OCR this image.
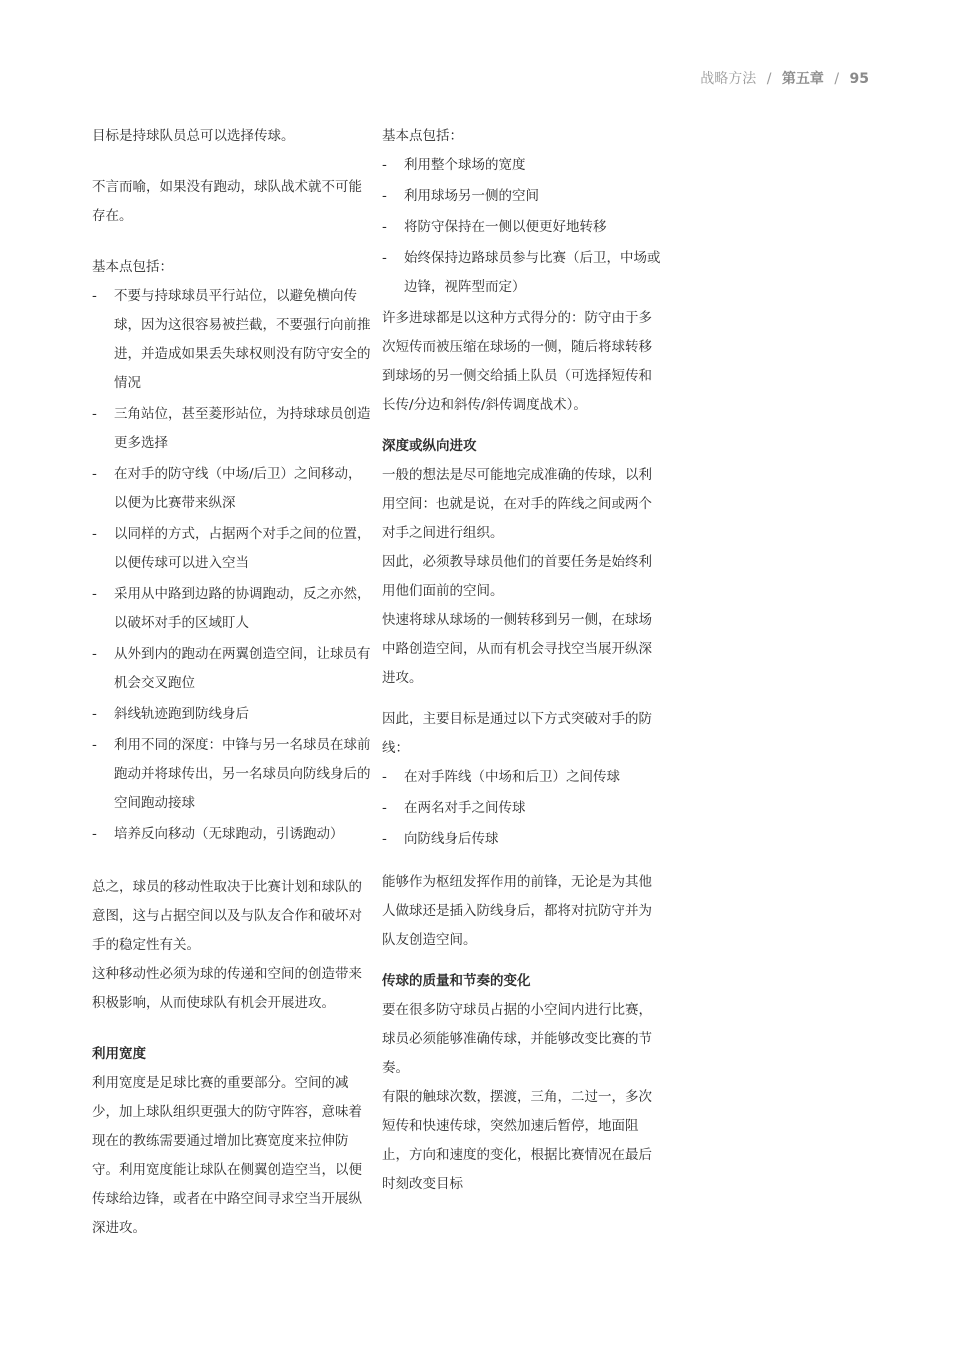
战略方法 / 第五章 / 95

目标是持球队员总可以选择传球。

不言而喻，如果没有跑动，球队战术就不可能存在。

基本点包括：

- 不要与持球球员平行站位，以避免横向传球，因为这很容易被拦截，不要强行向前推进，并造成如果丢失球权则没有防守安全的情况
- 三角站位，甚至菱形站位，为持球球员创造更多选择
- 在对手的防守线（中场/后卫）之间移动，以便为比赛带来纵深
- 以同样的方式，占据两个对手之间的位置，以便传球可以进入空当
- 采用从中路到边路的协调跑动，反之亦然，以破坏对手的区域盯人
- 从外到内的跑动在两翼创造空间，让球员有机会交叉跑位
- 斜线轨迹跑到防线身后
- 利用不同的深度：中锋与另一名球员在球前跑动并将球传出，另一名球员向防线身后的空间跑动接球
- 培养反向移动（无球跑动，引诱跑动）

总之，球员的移动性取决于比赛计划和球队的意图，这与占据空间以及与队友合作和破坏对手的稳定性有关。

这种移动性必须为球的传递和空间的创造带来积极影响，从而使球队有机会开展进攻。

利用宽度

利用宽度是足球比赛的重要部分。空间的减少，加上球队组织更强大的防守阵容，意味着现在的教练需要通过增加比赛宽度来拉伸防守。利用宽度能让球队在侧翼创造空当，以便传球给边锋，或者在中路空间寻求空当开展纵深进攻。

基本点包括：

- 利用整个球场的宽度
- 利用球场另一侧的空间
- 将防守保持在一侧以便更好地转移
- 始终保持边路球员参与比赛（后卫，中场或边锋，视阵型而定）

许多进球都是以这种方式得分的：防守由于多次短传而被压缩在球场的一侧，随后将球转移到球场的另一侧交给插上队员（可选择短传和长传/分边和斜传/斜传调度战术）。

深度或纵向进攻

一般的想法是尽可能地完成准确的传球，以利用空间：也就是说，在对手的阵线之间或两个对手之间进行组织。

因此，必须教导球员他们的首要任务是始终利用他们面前的空间。

快速将球从球场的一侧转移到另一侧，在球场中路创造空间，从而有机会寻找空当展开纵深进攻。

因此，主要目标是通过以下方式突破对手的防线：

- 在对手阵线（中场和后卫）之间传球
- 在两名对手之间传球
- 向防线身后传球

能够作为枢纽发挥作用的前锋，无论是为其他人做球还是插入防线身后，都将对抗防守并为队友创造空间。

传球的质量和节奏的变化

要在很多防守球员占据的小空间内进行比赛，球员必须能够准确传球，并能够改变比赛的节奏。

有限的触球次数，摆渡，三角，二过一，多次短传和快速传球，突然加速后暂停，地面阻止，方向和速度的变化，根据比赛情况在最后时刻改变目标
